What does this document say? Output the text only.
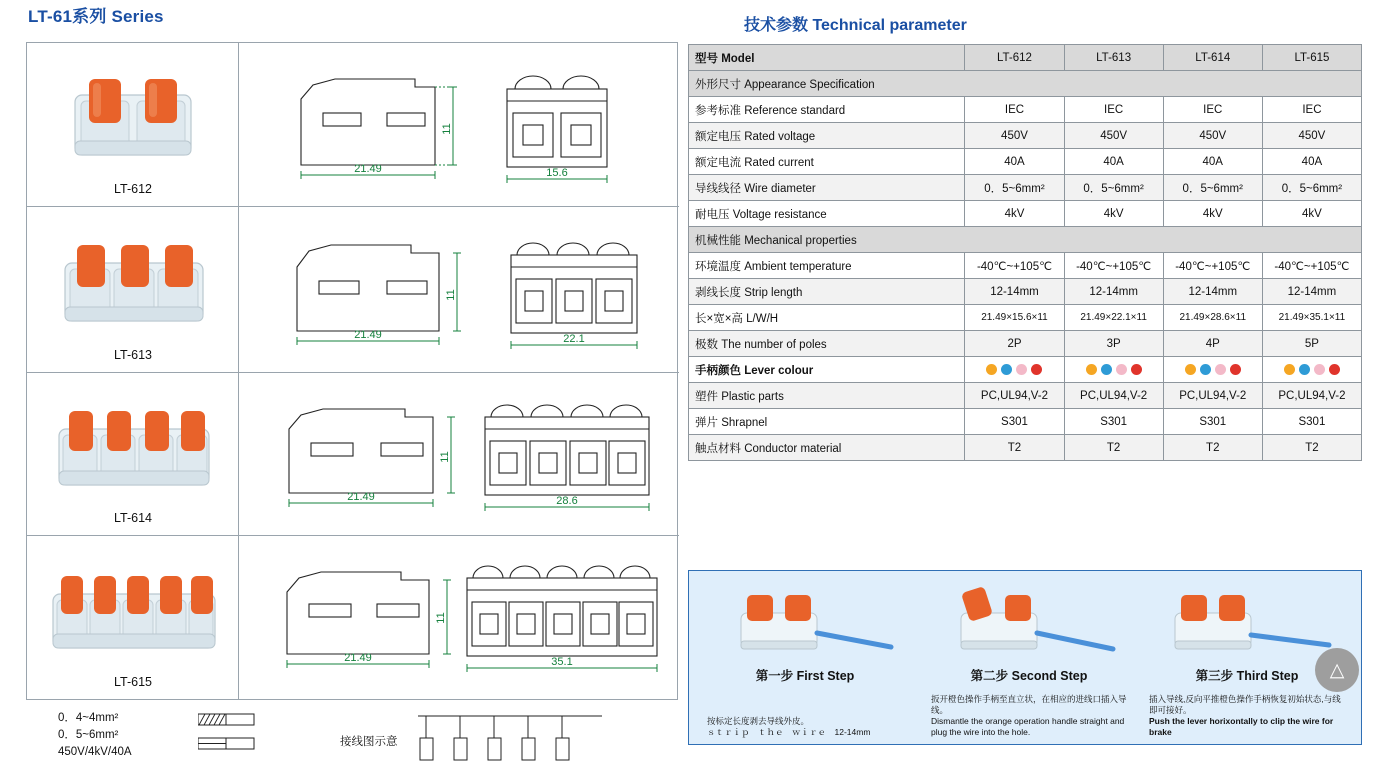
LT-61系列 Series
LT-612
21.49
11
15.6
LT-613
21.49
11
22.1
LT-614
21.49
11
28.6
LT-615
21.49
11
35.1
0．4~4mm²
0．5~6mm²
450V/4kV/40A
接线图示意
技术参数 Technical parameter
型号 Model	LT-612	LT-613	LT-614	LT-615
外形尺寸 Appearance Specification				
参考标准 Reference standard	IEC	IEC	IEC	IEC
额定电压 Rated voltage	450V	450V	450V	450V
额定电流 Rated current	40A	40A	40A	40A
导线线径 Wire diameter	0．5~6mm²	0．5~6mm²	0．5~6mm²	0．5~6mm²
耐电压 Voltage resistance	4kV	4kV	4kV	4kV
机械性能 Mechanical properties				
环境温度 Ambient temperature	-40℃~+105℃	-40℃~+105℃	-40℃~+105℃	-40℃~+105℃
剥线长度 Strip length	12-14mm	12-14mm	12-14mm	12-14mm
长×宽×高 L/W/H	21.49×15.6×11	21.49×22.1×11	21.49×28.6×11	21.49×35.1×11
极数 The number of poles	2P	3P	4P	5P
手柄颜色 Lever colour	

塑件 Plastic parts	PC,UL94,V-2	PC,UL94,V-2	PC,UL94,V-2	PC,UL94,V-2
弹片 Shrapnel	S301	S301	S301	S301
触点材料 Conductor material	T2	T2	T2	T2
第一步 First Step
按标定长度剥去导线外皮。
ｓｔｒｉｐ　ｔｈｅ　ｗｉｒｅ　12-14mm
第二步 Second Step
扳开橙色操作手柄至直立状，在相应的进线口插入导线。
Dismantle the orange operation handle straight and plug the wire into the hole.
第三步 Third Step
插入导线,反向平推橙色操作手柄恢复初始状态,与线即可接好。
Push the lever horixontally to clip the wire for brake
△
